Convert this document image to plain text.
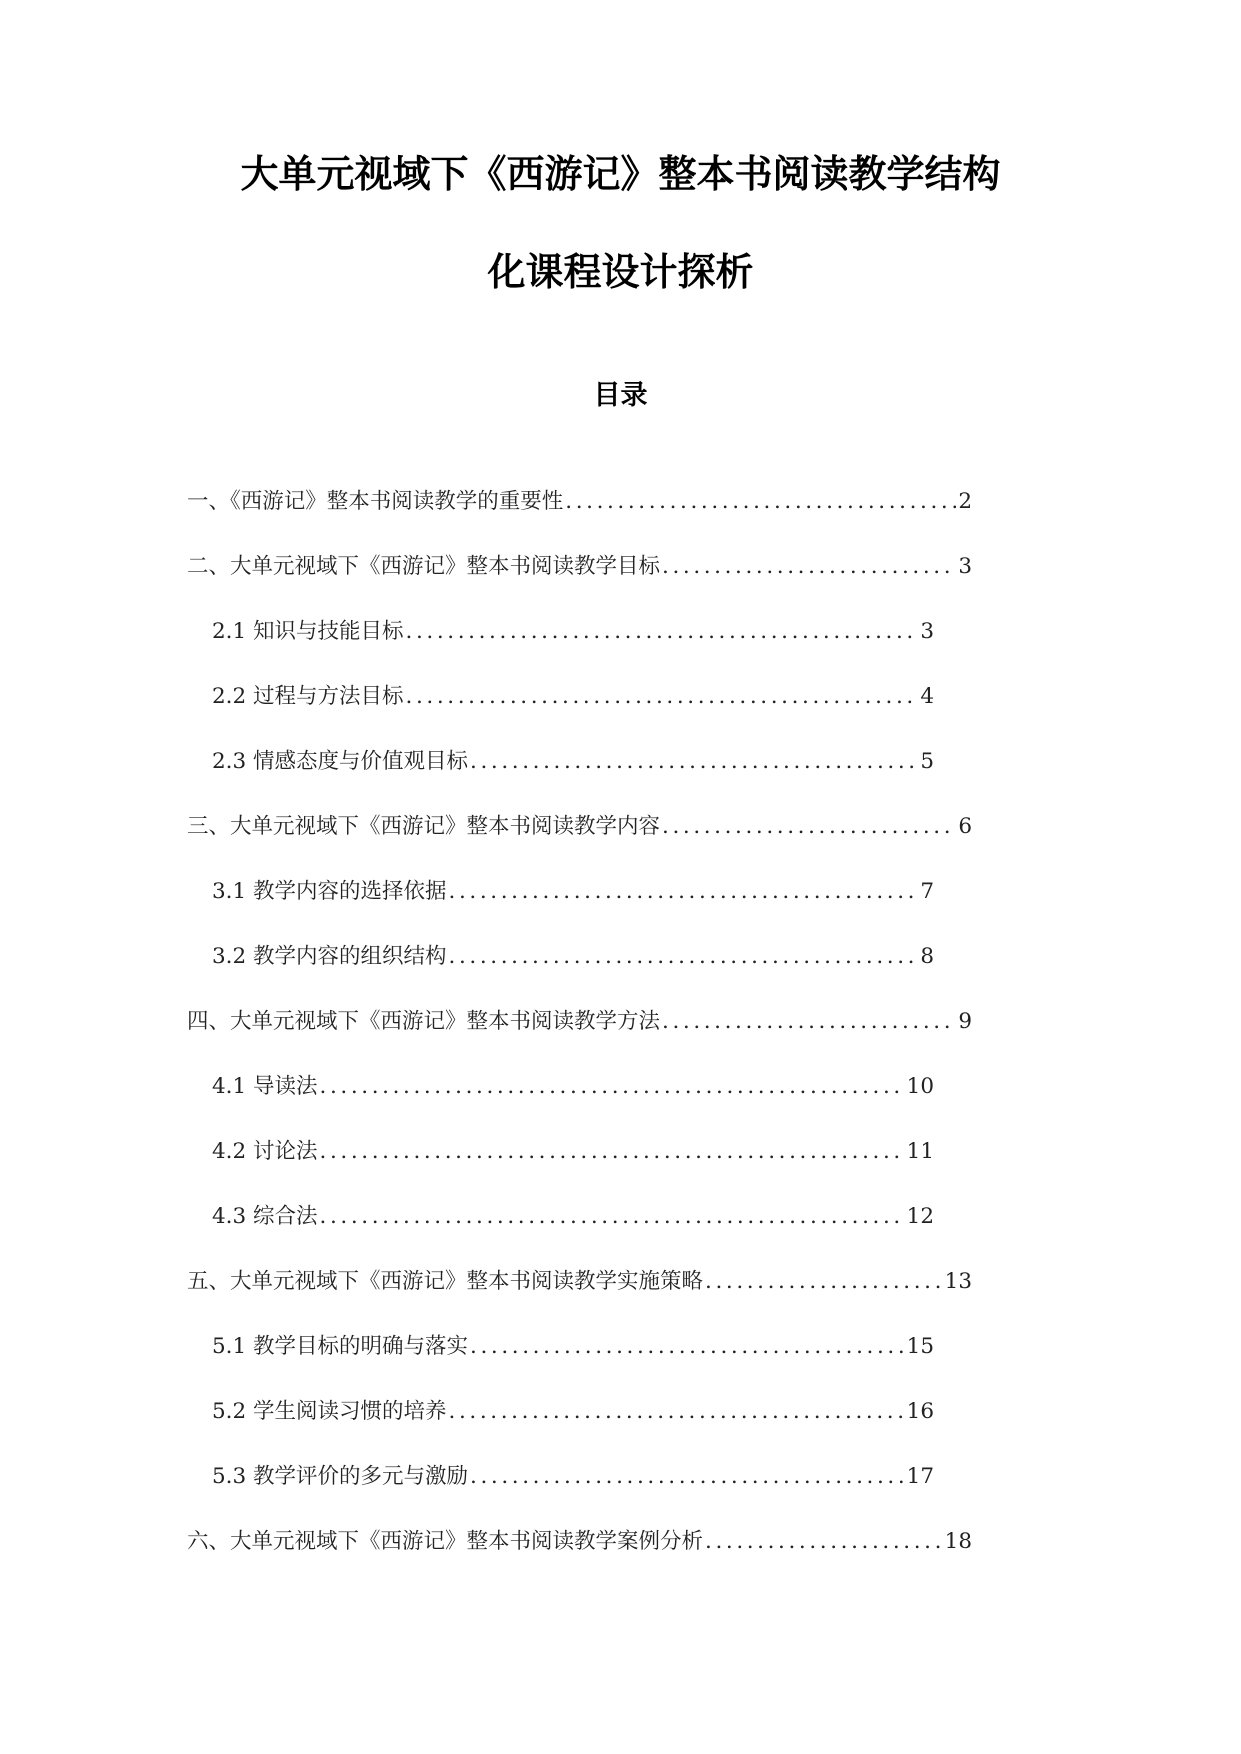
大单元视域下《西游记》整本书阅读教学结构
化课程设计探析
目录
一、《西游记》整本书阅读教学的重要性 .....	2
二、大单元视域下《西游记》整本书阅读教学目标 .....	3
2.1 知识与技能目标 .....	3
2.2 过程与方法目标 .....	4
2.3 情感态度与价值观目标 .....	5
三、大单元视域下《西游记》整本书阅读教学内容 .....	6
3.1 教学内容的选择依据 .....	7
3.2 教学内容的组织结构 .....	8
四、大单元视域下《西游记》整本书阅读教学方法 .....	9
4.1 导读法 .....	10
4.2 讨论法 .....	11
4.3 综合法 .....	12
五、大单元视域下《西游记》整本书阅读教学实施策略 .....	13
5.1 教学目标的明确与落实 .....	15
5.2 学生阅读习惯的培养 .....	16
5.3 教学评价的多元与激励 .....	17
六、大单元视域下《西游记》整本书阅读教学案例分析 .....	18
